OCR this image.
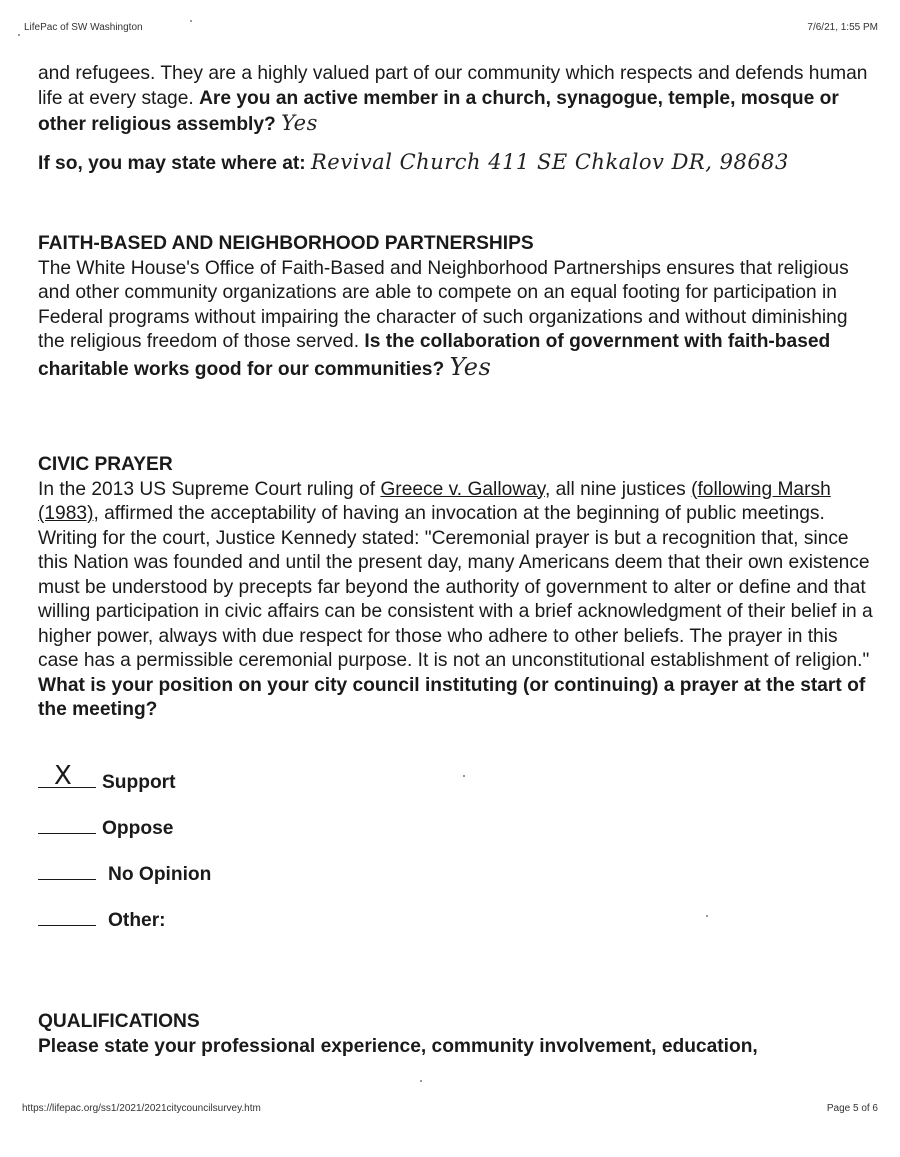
LifePac of SW Washington	7/6/21, 1:55 PM

and refugees. They are a highly valued part of our community which respects and defends human life at every stage. Are you an active member in a church, synagogue, temple, mosque or other religious assembly? Yes

If so, you may state where at: Revival Church 411 SE Chkalov DR, 98683

FAITH-BASED AND NEIGHBORHOOD PARTNERSHIPS

The White House's Office of Faith-Based and Neighborhood Partnerships ensures that religious and other community organizations are able to compete on an equal footing for participation in Federal programs without impairing the character of such organizations and without diminishing the religious freedom of those served. Is the collaboration of government with faith-based charitable works good for our communities? Yes

CIVIC PRAYER

In the 2013 US Supreme Court ruling of Greece v. Galloway, all nine justices (following Marsh (1983), affirmed the acceptability of having an invocation at the beginning of public meetings. Writing for the court, Justice Kennedy stated: "Ceremonial prayer is but a recognition that, since this Nation was founded and until the present day, many Americans deem that their own existence must be understood by precepts far beyond the authority of government to alter or define and that willing participation in civic affairs can be consistent with a brief acknowledgment of their belief in a higher power, always with due respect for those who adhere to other beliefs. The prayer in this case has a permissible ceremonial purpose. It is not an unconstitutional establishment of religion." What is your position on your city council instituting (or continuing) a prayer at the start of the meeting?

X Support
Oppose
No Opinion
Other:
QUALIFICATIONS

Please state your professional experience, community involvement, education,

https://lifepac.org/ss1/2021/2021citycouncilsurvey.htm	Page 5 of 6
